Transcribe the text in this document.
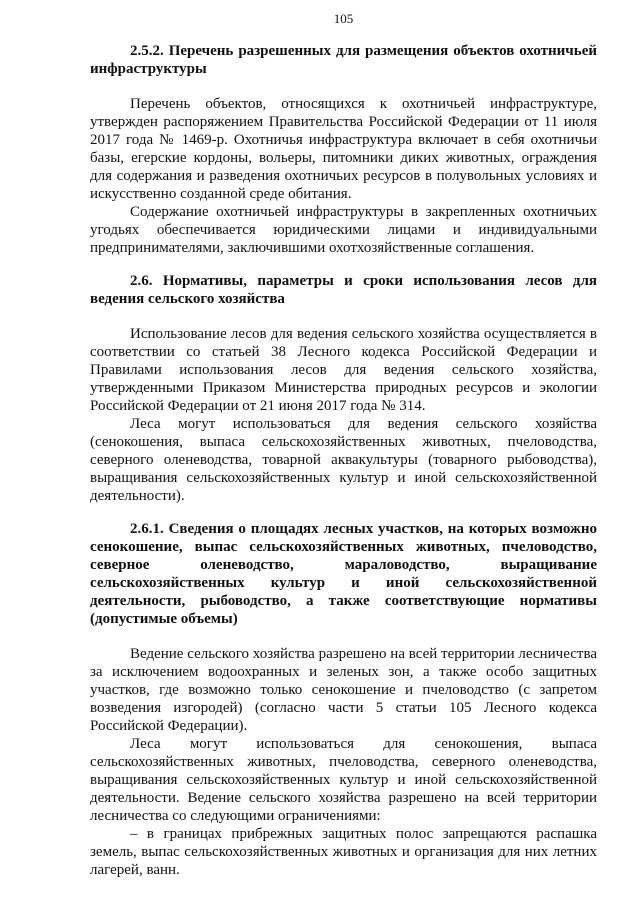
105
2.5.2. Перечень разрешенных для размещения объектов охотничьей инфраструктуры

Перечень объектов, относящихся к охотничьей инфраструктуре, утвержден распоряжением Правительства Российской Федерации от 11 июля 2017 года № 1469-р. Охотничья инфраструктура включает в себя охотничьи базы, егерские кордоны, вольеры, питомники диких животных, ограждения для содержания и разведения охотничьих ресурсов в полувольных условиях и искусственно созданной среде обитания.

Содержание охотничьей инфраструктуры в закрепленных охотничьих угодьях обеспечивается юридическими лицами и индивидуальными предпринимателями, заключившими охотхозяйственные соглашения.

2.6. Нормативы, параметры и сроки использования лесов для ведения сельского хозяйства

Использование лесов для ведения сельского хозяйства осуществляется в соответствии со статьей 38 Лесного кодекса Российской Федерации и Правилами использования лесов для ведения сельского хозяйства, утвержденными Приказом Министерства природных ресурсов и экологии Российской Федерации от 21 июня 2017 года № 314.

Леса могут использоваться для ведения сельского хозяйства (сенокошения, выпаса сельскохозяйственных животных, пчеловодства, северного оленеводства, товарной аквакультуры (товарного рыбоводства), выращивания сельскохозяйственных культур и иной сельскохозяйственной деятельности).

2.6.1. Сведения о площадях лесных участков, на которых возможно сенокошение, выпас сельскохозяйственных животных, пчеловодство, северное оленеводство, мараловодство, выращивание сельскохозяйственных культур и иной сельскохозяйственной деятельности, рыбоводство, а также соответствующие нормативы (допустимые объемы)

Ведение сельского хозяйства разрешено на всей территории лесничества за исключением водоохранных и зеленых зон, а также особо защитных участков, где возможно только сенокошение и пчеловодство (с запретом возведения изгородей) (согласно части 5 статьи 105 Лесного кодекса Российской Федерации).

Леса могут использоваться для сенокошения, выпаса сельскохозяйственных животных, пчеловодства, северного оленеводства, выращивания сельскохозяйственных культур и иной сельскохозяйственной деятельности. Ведение сельского хозяйства разрешено на всей территории лесничества со следующими ограничениями:

– в границах прибрежных защитных полос запрещаются распашка земель, выпас сельскохозяйственных животных и организация для них летних лагерей, ванн.
